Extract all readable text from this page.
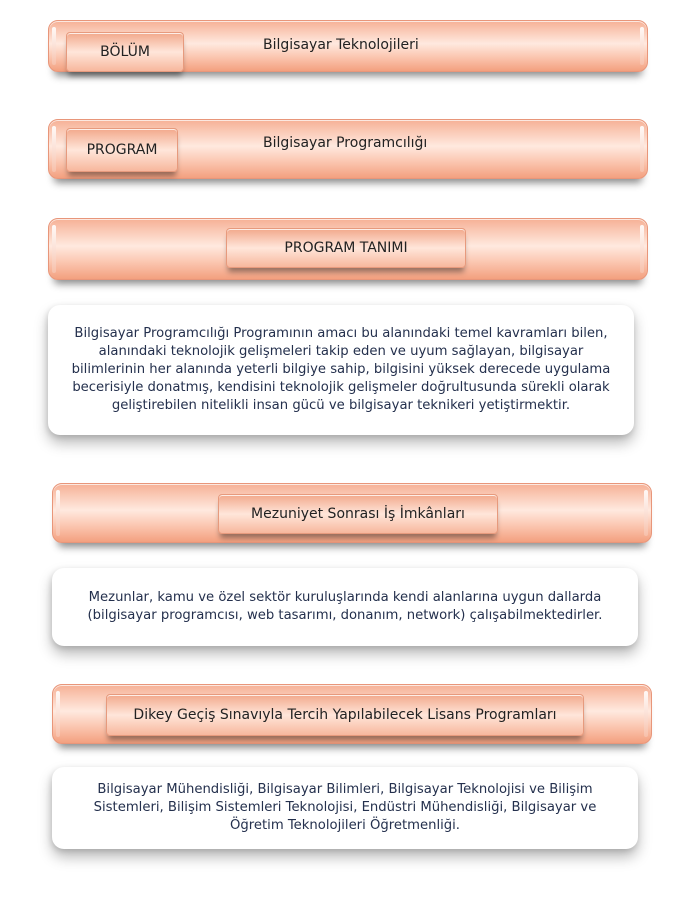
BÖLÜM	Bilgisayar Teknolojileri
PROGRAM	Bilgisayar Programcılığı
PROGRAM TANIMI
Bilgisayar Programcılığı Programının amacı bu alanındaki temel kavramları bilen, alanındaki teknolojik gelişmeleri takip eden ve uyum sağlayan, bilgisayar bilimlerinin her alanında yeterli bilgiye sahip, bilgisini yüksek derecede uygulama becerisiyle donatmış, kendisini teknolojik gelişmeler doğrultusunda sürekli olarak geliştirebilen nitelikli insan gücü ve bilgisayar teknikeri yetiştirmektir.
Mezuniyet Sonrası İş İmkânları
Mezunlar, kamu ve özel sektör kuruluşlarında kendi alanlarına uygun dallarda (bilgisayar programcısı, web tasarımı, donanım, network) çalışabilmektedirler.
Dikey Geçiş Sınavıyla Tercih Yapılabilecek Lisans Programları
Bilgisayar Mühendisliği, Bilgisayar Bilimleri, Bilgisayar Teknolojisi ve Bilişim Sistemleri, Bilişim Sistemleri Teknolojisi, Endüstri Mühendisliği, Bilgisayar ve Öğretim Teknolojileri Öğretmenliği.
